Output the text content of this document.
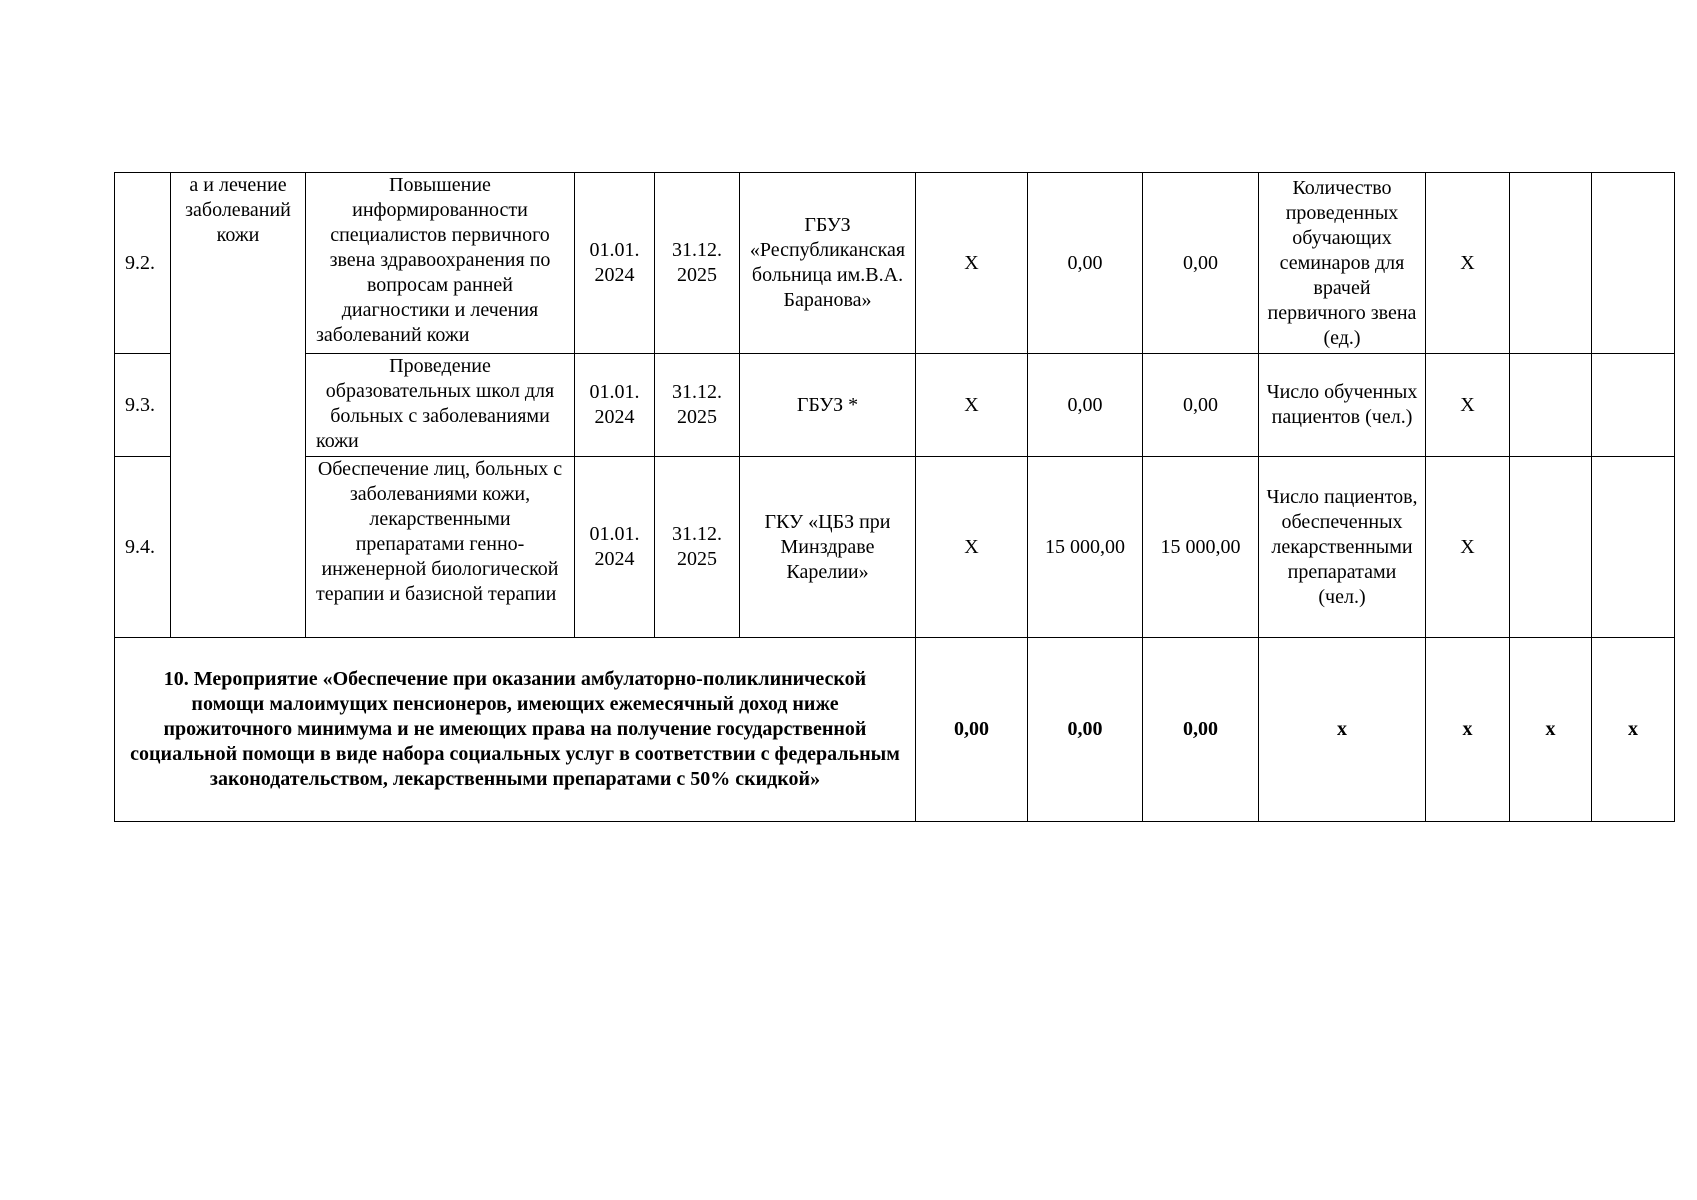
9.2.	а и лечение заболеваний кожи	Повышение информированности специалистов первичного звена здравоохранения по вопросам ранней диагностики и лечения заболеваний кожи	01.01. 2024	31.12. 2025	ГБУЗ «Республиканская больница им.В.А. Баранова»	X	0,00	0,00	Количество проведенных обучающих семинаров для врачей первичного звена (ед.)	X		
9.3.		Проведение образовательных школ для больных с заболеваниями кожи	01.01. 2024	31.12. 2025	ГБУЗ *	X	0,00	0,00	Число обученных пациентов (чел.)	X		
9.4.		Обеспечение лиц, больных с заболеваниями кожи, лекарственными препаратами генно-инженерной биологической терапии и базисной терапии	01.01. 2024	31.12. 2025	ГКУ «ЦБЗ при Минздраве Карелии»	X	15 000,00	15 000,00	Число пациентов, обеспеченных лекарственными препаратами (чел.)	X		
10. Мероприятие «Обеспечение при оказании амбулаторно-поликлинической помощи малоимущих пенсионеров, имеющих ежемесячный доход ниже прожиточного минимума и не имеющих права на получение государственной социальной помощи в виде набора социальных услуг в соответствии с федеральным законодательством, лекарственными препаратами с 50% скидкой»						0,00	0,00	0,00	x	x	x	x
